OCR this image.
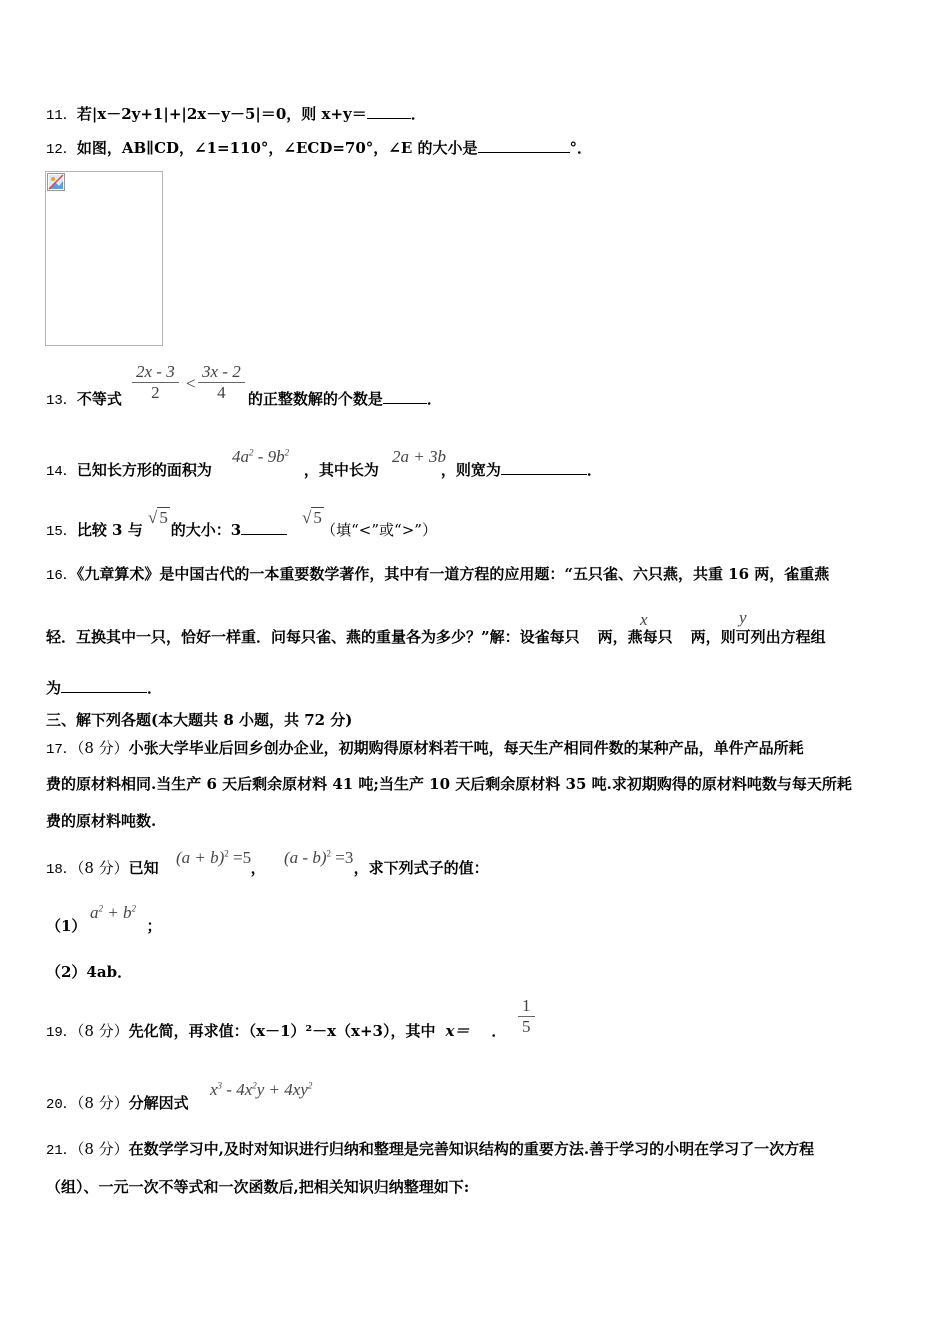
11．若|x－2y+1|+|2x－y－5|＝0，则 x+y＝	．
12．如图，AB∥CD，∠1=110°，∠ECD=70°，∠E 的大小是	°．
2x - 3
2	<
3x - 2
4
13．不等式	的正整数解的个数是	．
$4a^2 - 9b^2$	2a + 3b
14．已知长方形的面积为	，其中长为	，则宽为	．
√ 5	√ 5
15．比较 3 与 的大小：3	（填“<”或“>”）
16．《九章算术》是中国古代的一本重要数学著作，其中有一道方程的应用题：“五只雀、六只燕，共重 16 两，雀重燕
x	y
轻．互换其中一只，恰好一样重．问每只雀、燕的重量各为多少？”解：设雀每只 两，燕每只 两，则可列出方程组
为	．
三、解下列各题(本大题共 8 小题，共 72 分)
17．（8 分）小张大学毕业后回乡创办企业，初期购得原材料若干吨，每天生产相同件数的某种产品，单件产品所耗
费的原材料相同.当生产 6 天后剩余原材料 41 吨;当生产 10 天后剩余原材料 35 吨.求初期购得的原材料吨数与每天所耗
费的原材料吨数.
$(a + b)^2 =5$ (a - b)$^2$ =3
18．（8 分）已知	，	，求下列式子的值：
$a^2 + b^2$
（1）	；
（2）4ab．
1
5
19．（8 分）先化简，再求值：（x－1）²－x（x+3），其中 x＝ ．
$x^3 - 4x^2y + 4xy^2$
20．（8 分）分解因式
21．（8 分）在数学学习中,及时对知识进行归纳和整理是完善知识结构的重要方法.善于学习的小明在学习了一次方程
（组）、一元一次不等式和一次函数后,把相关知识归纳整理如下:
